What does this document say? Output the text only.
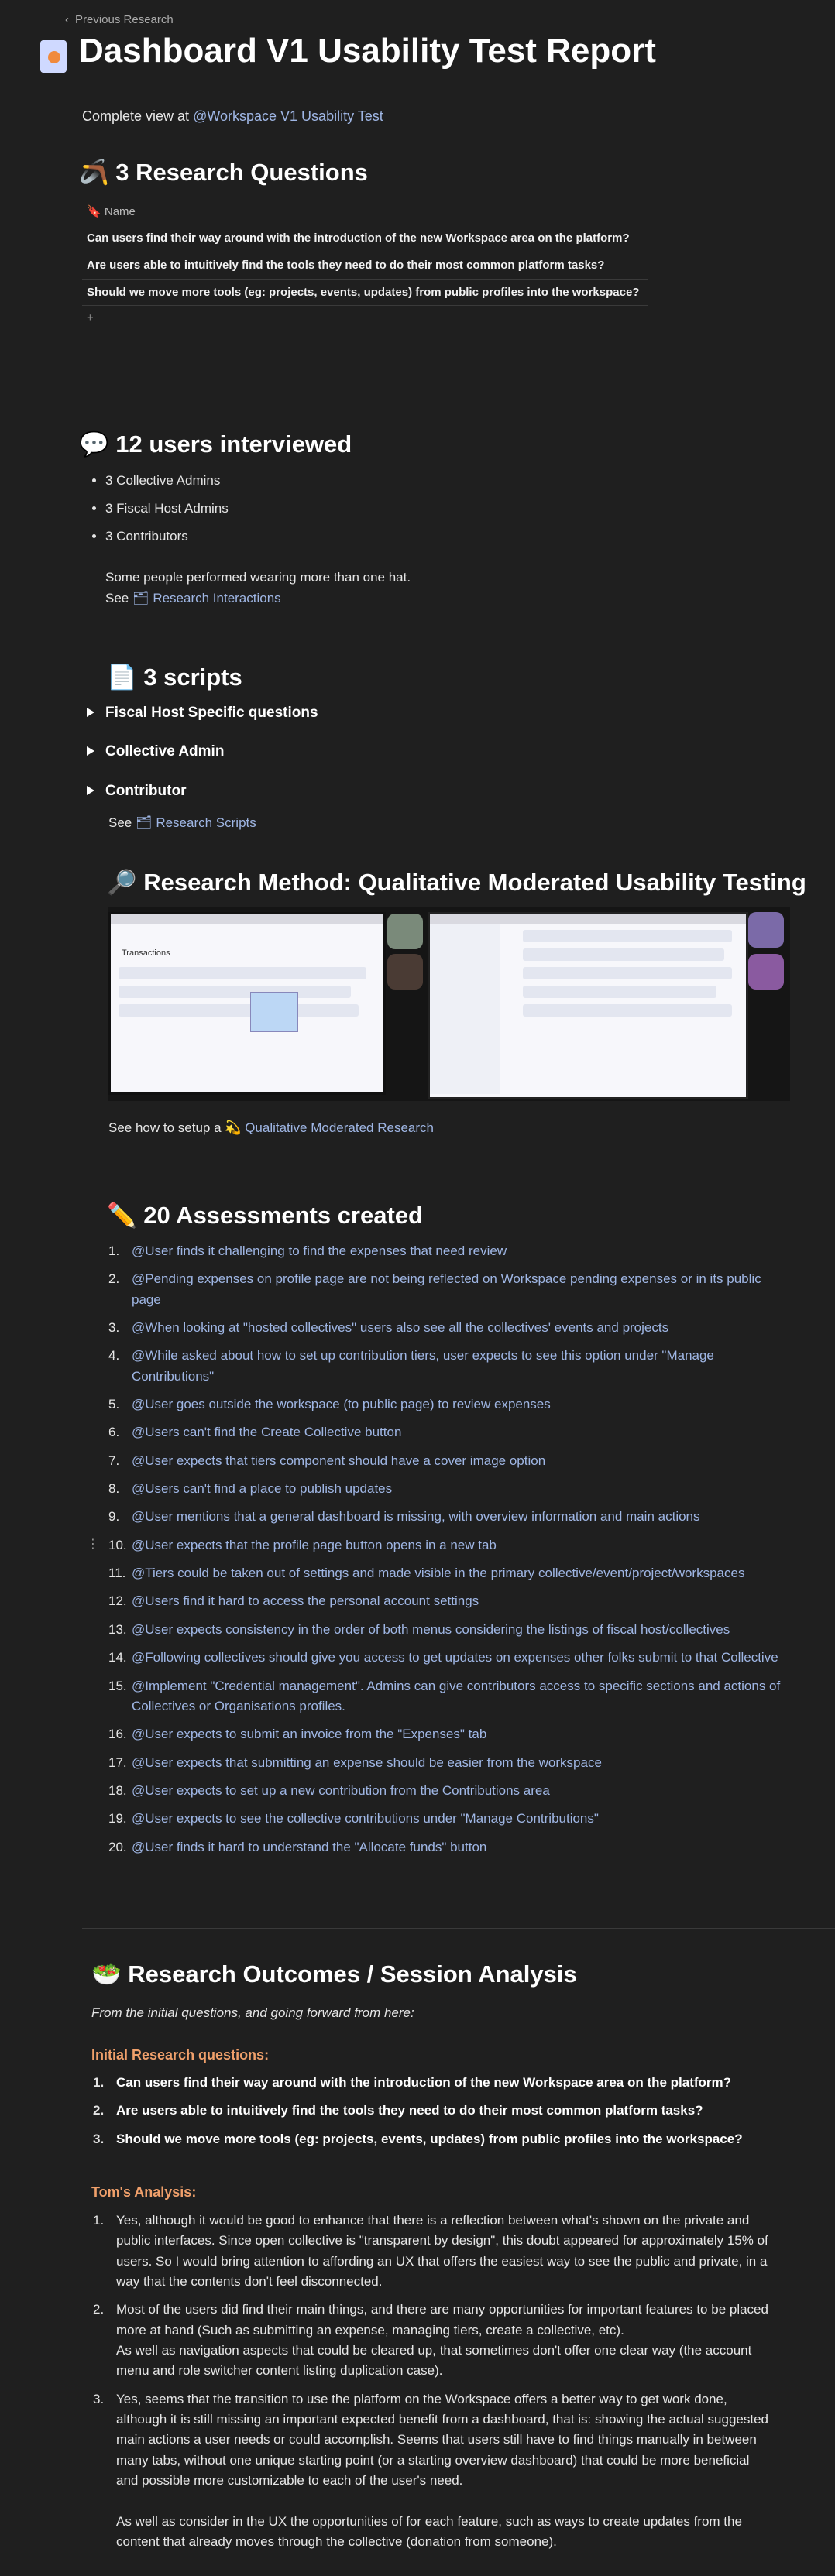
‹ Previous Research
Dashboard V1 Usability Test Report
Complete view at @Workspace V1 Usability Test
🪃 3 Research Questions
🔖 Name
Can users find their way around with the introduction of the new Workspace area on the platform?
Are users able to intuitively find the tools they need to do their most common platform tasks?
Should we move more tools (eg: projects, events, updates) from public profiles into the workspace?
+
💬 12 users interviewed
• 3 Collective Admins
• 3 Fiscal Host Admins
• 3 Contributors
Some people performed wearing more than one hat.
See 🗂 Research Interactions
📄 3 scripts
Fiscal Host Specific questions
Collective Admin
Contributor
See 🗂 Research Scripts
🔎 Research Method: Qualitative Moderated Usability Testing
Transactions
See how to setup a 💫 Qualitative Moderated Research
✏️ 20 Assessments created
⋮
1. @User finds it challenging to find the expenses that need review
2. @Pending expenses on profile page are not being reflected on Workspace pending expenses or in its public page
3. @When looking at "hosted collectives" users also see all the collectives' events and projects
4. @While asked about how to set up contribution tiers, user expects to see this option under "Manage Contributions"
5. @User goes outside the workspace (to public page) to review expenses
6. @Users can't find the Create Collective button
7. @User expects that tiers component should have a cover image option
8. @Users can't find a place to publish updates
9. @User mentions that a general dashboard is missing, with overview information and main actions
10. @User expects that the profile page button opens in a new tab
11. @Tiers could be taken out of settings and made visible in the primary collective/event/project/workspaces
12. @Users find it hard to access the personal account settings
13. @User expects consistency in the order of both menus considering the listings of fiscal host/collectives
14. @Following collectives should give you access to get updates on expenses other folks submit to that Collective
15. @Implement "Credential management". Admins can give contributors access to specific sections and actions of Collectives or Organisations profiles.
16. @User expects to submit an invoice from the "Expenses" tab
17. @User expects that submitting an expense should be easier from the workspace
18. @User expects to set up a new contribution from the Contributions area
19. @User expects to see the collective contributions under "Manage Contributions"
20. @User finds it hard to understand the "Allocate funds" button
🥗 Research Outcomes / Session Analysis
From the initial questions, and going forward from here:
Initial Research questions:
1. Can users find their way around with the introduction of the new Workspace area on the platform?
2. Are users able to intuitively find the tools they need to do their most common platform tasks?
3. Should we move more tools (eg: projects, events, updates) from public profiles into the workspace?
Tom's Analysis:
1. Yes, although it would be good to enhance that there is a reflection between what's shown on the private and public interfaces. Since open collective is "transparent by design", this doubt appeared for approximately 15% of users. So I would bring attention to affording an UX that offers the easiest way to see the public and private, in a way that the contents don't feel disconnected.
2. Most of the users did find their main things, and there are many opportunities for important features to be placed more at hand (Such as submitting an expense, managing tiers, create a collective, etc).
As well as navigation aspects that could be cleared up, that sometimes don't offer one clear way (the account menu and role switcher content listing duplication case).
3. Yes, seems that the transition to use the platform on the Workspace offers a better way to get work done, although it is still missing an important expected benefit from a dashboard, that is: showing the actual suggested main actions a user needs or could accomplish. Seems that users still have to find things manually in between many tabs, without one unique starting point (or a starting overview dashboard) that could be more beneficial and possible more customizable to each of the user's need.

As well as consider in the UX the opportunities of for each feature, such as ways to create updates from the content that already moves through the collective (donation from someone).
